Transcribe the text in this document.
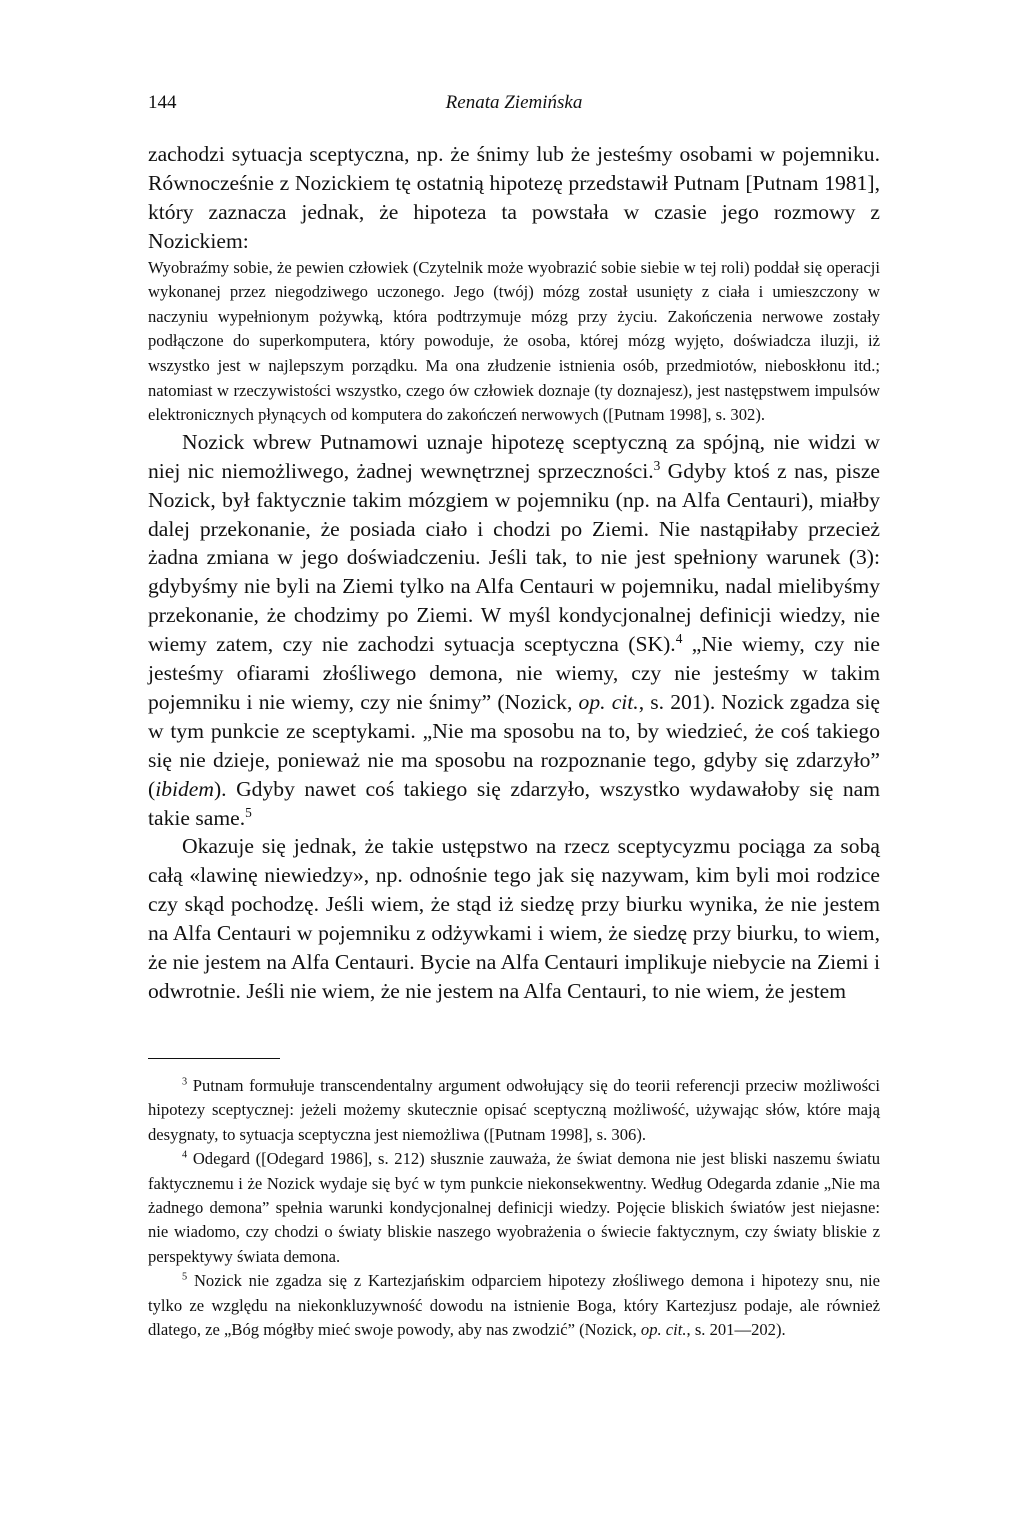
144	Renata Ziemińska

zachodzi sytuacja sceptyczna, np. że śnimy lub że jesteśmy osobami w pojemniku. Równocześnie z Nozickiem tę ostatnią hipotezę przedstawił Putnam [Putnam 1981], który zaznacza jednak, że hipoteza ta powstała w czasie jego rozmowy z Nozickiem:

Wyobraźmy sobie, że pewien człowiek (Czytelnik może wyobrazić sobie siebie w tej roli) poddał się operacji wykonanej przez niegodziwego uczonego. Jego (twój) mózg został usunięty z ciała i umieszczony w naczyniu wypełnionym pożywką, która podtrzymuje mózg przy życiu. Zakończenia nerwowe zostały podłączone do superkomputera, który powoduje, że osoba, której mózg wyjęto, doświadcza iluzji, iż wszystko jest w najlepszym porządku. Ma ona złudzenie istnienia osób, przedmiotów, nieboskłonu itd.; natomiast w rzeczywistości wszystko, czego ów człowiek doznaje (ty doznajesz), jest następstwem impulsów elektronicznych płynących od komputera do zakończeń nerwowych ([Putnam 1998], s. 302).

Nozick wbrew Putnamowi uznaje hipotezę sceptyczną za spójną, nie widzi w niej nic niemożliwego, żadnej wewnętrznej sprzeczności.$^3$ Gdyby ktoś z nas, pisze Nozick, był faktycznie takim mózgiem w pojemniku (np. na Alfa Centauri), miałby dalej przekonanie, że posiada ciało i chodzi po Ziemi. Nie nastąpiłaby przecież żadna zmiana w jego doświadczeniu. Jeśli tak, to nie jest spełniony warunek (3): gdybyśmy nie byli na Ziemi tylko na Alfa Centauri w pojemniku, nadal mielibyśmy przekonanie, że chodzimy po Ziemi. W myśl kondycjonalnej definicji wiedzy, nie wiemy zatem, czy nie zachodzi sytuacja sceptyczna (SK).$^4$ „Nie wiemy, czy nie jesteśmy ofiarami złośliwego demona, nie wiemy, czy nie jesteśmy w takim pojemniku i nie wiemy, czy nie śnimy” (Nozick, op. cit., s. 201). Nozick zgadza się w tym punkcie ze sceptykami. „Nie ma sposobu na to, by wiedzieć, że coś takiego się nie dzieje, ponieważ nie ma sposobu na rozpoznanie tego, gdyby się zdarzyło” (ibidem). Gdyby nawet coś takiego się zdarzyło, wszystko wydawałoby się nam takie same.$^5$

Okazuje się jednak, że takie ustępstwo na rzecz sceptycyzmu pociąga za sobą całą «lawinę niewiedzy», np. odnośnie tego jak się nazywam, kim byli moi rodzice czy skąd pochodzę. Jeśli wiem, że stąd iż siedzę przy biurku wynika, że nie jestem na Alfa Centauri w pojemniku z odżywkami i wiem, że siedzę przy biurku, to wiem, że nie jestem na Alfa Centauri. Bycie na Alfa Centauri implikuje niebycie na Ziemi i odwrotnie. Jeśli nie wiem, że nie jestem na Alfa Centauri, to nie wiem, że jestem

$^3$ Putnam formułuje transcendentalny argument odwołujący się do teorii referencji przeciw możliwości hipotezy sceptycznej: jeżeli możemy skutecznie opisać sceptyczną możliwość, używając słów, które mają desygnaty, to sytuacja sceptyczna jest niemożliwa ([Putnam 1998], s. 306).

$^4$ Odegard ([Odegard 1986], s. 212) słusznie zauważa, że świat demona nie jest bliski naszemu światu faktycznemu i że Nozick wydaje się być w tym punkcie niekonsekwentny. Według Odegarda zdanie „Nie ma żadnego demona” spełnia warunki kondycjonalnej definicji wiedzy. Pojęcie bliskich światów jest niejasne: nie wiadomo, czy chodzi o światy bliskie naszego wyobrażenia o świecie faktycznym, czy światy bliskie z perspektywy świata demona.

$^5$ Nozick nie zgadza się z Kartezjańskim odparciem hipotezy złośliwego demona i hipotezy snu, nie tylko ze względu na niekonkluzywność dowodu na istnienie Boga, który Kartezjusz podaje, ale również dlatego, ze „Bóg mógłby mieć swoje powody, aby nas zwodzić” (Nozick, op. cit., s. 201—202).
